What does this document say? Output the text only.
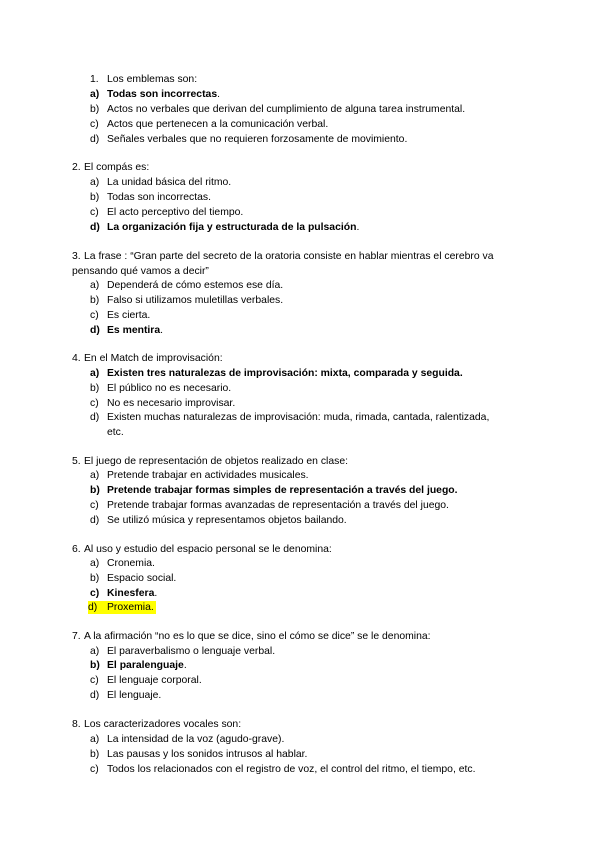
1. Los emblemas son:
a) Todas son incorrectas.
b) Actos no verbales que derivan del cumplimiento de alguna tarea instrumental.
c) Actos que pertenecen a la comunicación verbal.
d) Señales verbales que no requieren forzosamente de movimiento.
2. El compás es:
a) La unidad básica del ritmo.
b) Todas son incorrectas.
c) El acto perceptivo del tiempo.
d) La organización fija y estructurada de la pulsación.
3. La frase : “Gran parte del secreto de la oratoria consiste en hablar mientras el cerebro va
pensando qué vamos a decir”
a) Dependerá de cómo estemos ese día.
b) Falso si utilizamos muletillas verbales.
c) Es cierta.
d) Es mentira.
4. En el Match de improvisación:
a) Existen tres naturalezas de improvisación: mixta, comparada y seguida.
b) El público no es necesario.
c) No es necesario improvisar.
d) Existen muchas naturalezas de improvisación: muda, rimada, cantada, ralentizada,
etc.
5. El juego de representación de objetos realizado en clase:
a) Pretende trabajar en actividades musicales.
b) Pretende trabajar formas simples de representación a través del juego.
c) Pretende trabajar formas avanzadas de representación a través del juego.
d) Se utilizó música y representamos objetos bailando.
6. Al uso y estudio del espacio personal se le denomina:
a) Cronemia.
b) Espacio social.
c) Kinesfera.
d) Proxemia.
7. A la afirmación “no es lo que se dice, sino el cómo se dice” se le denomina:
a) El paraverbalismo o lenguaje verbal.
b) El paralenguaje.
c) El lenguaje corporal.
d) El lenguaje.
8. Los caracterizadores vocales son:
a) La intensidad de la voz (agudo-grave).
b) Las pausas y los sonidos intrusos al hablar.
c) Todos los relacionados con el registro de voz, el control del ritmo, el tiempo, etc.
